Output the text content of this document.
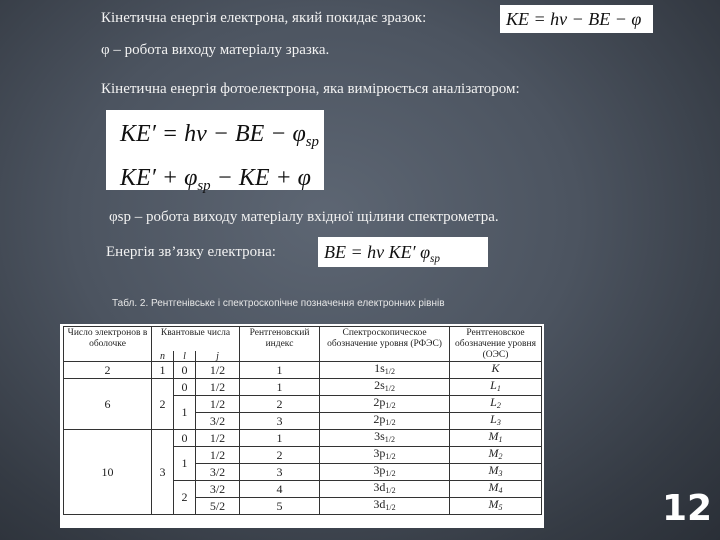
Кінетична енергія електрона, який покидає зразок:	KE = hν − BE − φ
φ – робота виходу матеріалу зразка.
Кінетична енергія фотоелектрона, яка вимірюється аналізатором:
KE′ = hν − BE − $\varphi_{sp}$
$KE' + \varphi_{sp}$ − KE + φ
φsp – робота виходу матеріалу вхідної щілини спектрометра.
Енергія зв’язку електрона:	BE = hν KE′ $\varphi_{sp}$
Табл. 2. Рентгенівське і спектроскопічне позначення електронних рівнів
Число электронов в оболочке	Квантовые числа			Рентгеновский индекс	Спектроскопическое обозначение уровня (РФЭС)	Рентгеновское обозначение уровня (ОЭС)
	n	l	j			
2	1	0	1/2	1	$1s_{1/2}$	K
6	2	0	1/2	1	$2s_{1/2}$	$L_1$
		1	1/2	2	$2p_{1/2}$	$L_2$
			3/2	3	$2p_{1/2}$	$L_3$
10	3	0	1/2	1	$3s_{1/2}$	$M_1$
		1	1/2	2	$3p_{1/2}$	$M_2$
			3/2	3	$3p_{1/2}$	$M_3$
		2	3/2	4	$3d_{1/2}$	$M_4$
			5/2	5	$3d_{1/2}$	$M_5$	12
